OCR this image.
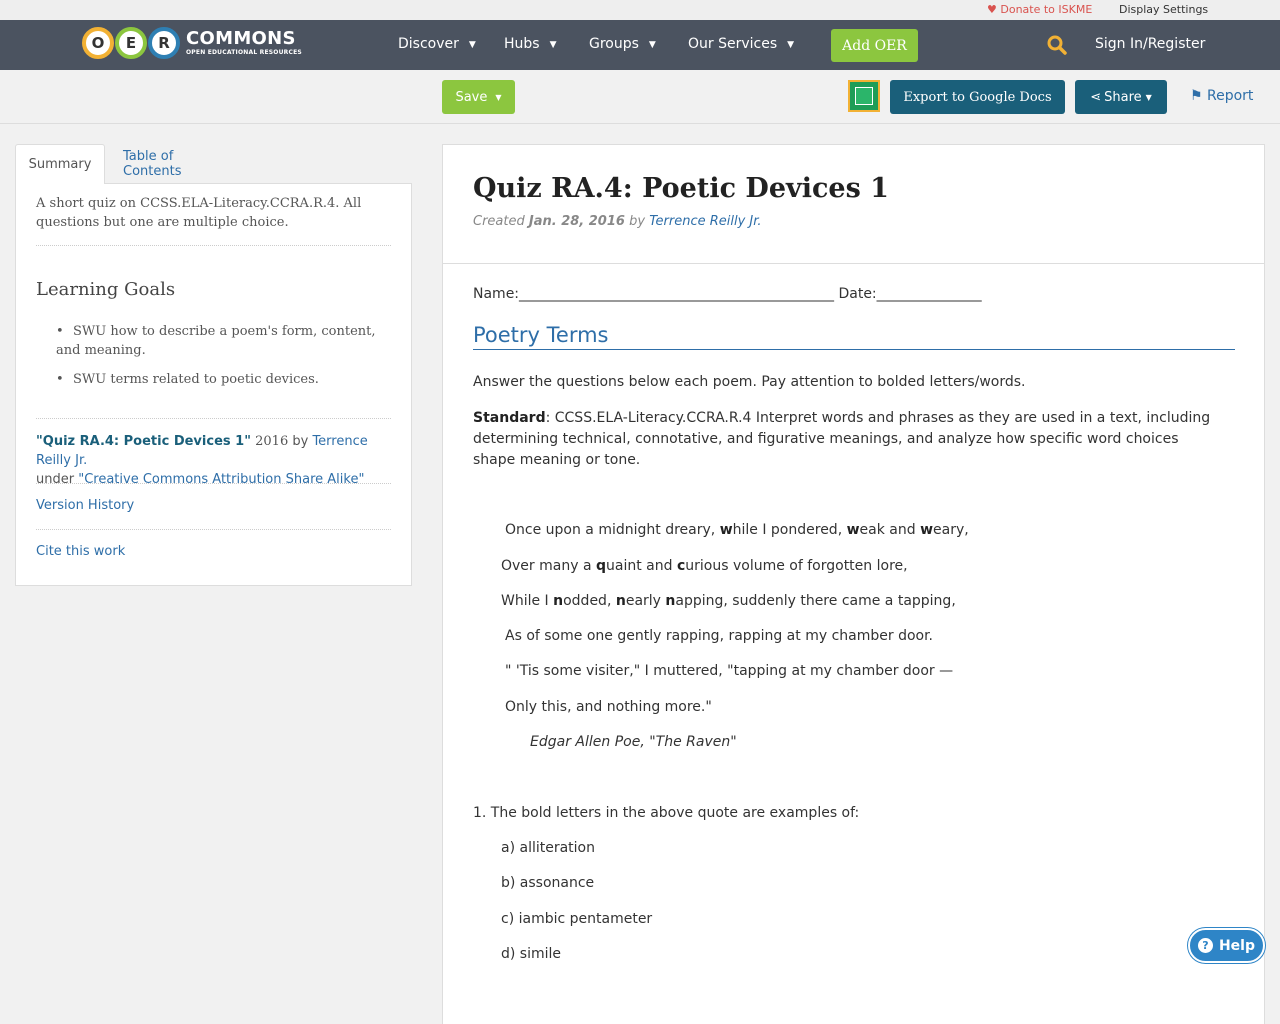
♥ Donate to ISKME Display Settings
O	E	R COMMONS
OPEN EDUCATIONAL RESOURCES
Discover ▼ Hubs ▼ Groups ▼ Our Services ▼	Add OER	Sign In/Register
Save ▼	Export to Google Docs	⋖ Share ▼	⚑ Report
Summary
Table of Contents
A short quiz on CCSS.ELA-Literacy.CCRA.R.4. All questions but one are multiple choice.
Learning Goals
• SWU how to describe a poem's form, content, and meaning.
• SWU terms related to poetic devices.
"Quiz RA.4: Poetic Devices 1" 2016 by Terrence Reilly Jr.
under "Creative Commons Attribution Share Alike"
Version History
Cite this work
Quiz RA.4: Poetic Devices 1
Created Jan. 28, 2016 by Terrence Reilly Jr.
Name:_____________________________________________ Date:_______________
Poetry Terms
Answer the questions below each poem. Pay attention to bolded letters/words.
Standard: CCSS.ELA-Literacy.CCRA.R.4 Interpret words and phrases as they are used in a text, including determining technical, connotative, and figurative meanings, and analyze how specific word choices shape meaning or tone.
Once upon a midnight dreary, while I pondered, weak and weary,
Over many a quaint and curious volume of forgotten lore,
While I nodded, nearly napping, suddenly there came a tapping,
As of some one gently rapping, rapping at my chamber door.
" 'Tis some visiter," I muttered, "tapping at my chamber door —
Only this, and nothing more."
Edgar Allen Poe, "The Raven"
1. The bold letters in the above quote are examples of:
a) alliteration
b) assonance
c) iambic pentameter
d) simile
? Help
